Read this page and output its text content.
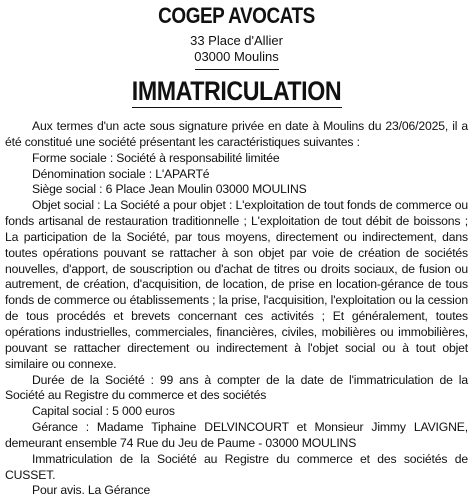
COGEP AVOCATS
33 Place d'Allier
03000 Moulins
IMMATRICULATION

Aux termes d'un acte sous signature privée en date à Moulins du 23/06/2025, il a été constitué une société présentant les caractéristiques suivantes :

Forme sociale : Société à responsabilité limitée

Dénomination sociale : L'APARTé

Siège social : 6 Place Jean Moulin 03000 MOULINS

Objet social : La Société a pour objet : L'exploitation de tout fonds de commerce ou fonds artisanal de restauration traditionnelle ; L'exploitation de tout débit de boissons ; La participation de la Société, par tous moyens, directement ou indirectement, dans toutes opérations pouvant se rattacher à son objet par voie de création de sociétés nouvelles, d'apport, de souscription ou d'achat de titres ou droits sociaux, de fusion ou autrement, de création, d'acquisition, de location, de prise en location-gérance de tous fonds de commerce ou établissements ; la prise, l'acquisition, l'exploitation ou la cession de tous procédés et brevets concernant ces activités ; Et généralement, toutes opérations industrielles, commerciales, financières, civiles, mobilières ou immobilières, pouvant se rattacher directement ou indirectement à l'objet social ou à tout objet similaire ou connexe.

Durée de la Société : 99 ans à compter de la date de l'immatriculation de la Société au Registre du commerce et des sociétés

Capital social : 5 000 euros

Gérance : Madame Tiphaine DELVINCOURT et Monsieur Jimmy LAVIGNE, demeurant ensemble 74 Rue du Jeu de Paume - 03000 MOULINS

Immatriculation de la Société au Registre du commerce et des sociétés de CUSSET.

Pour avis. La Gérance
